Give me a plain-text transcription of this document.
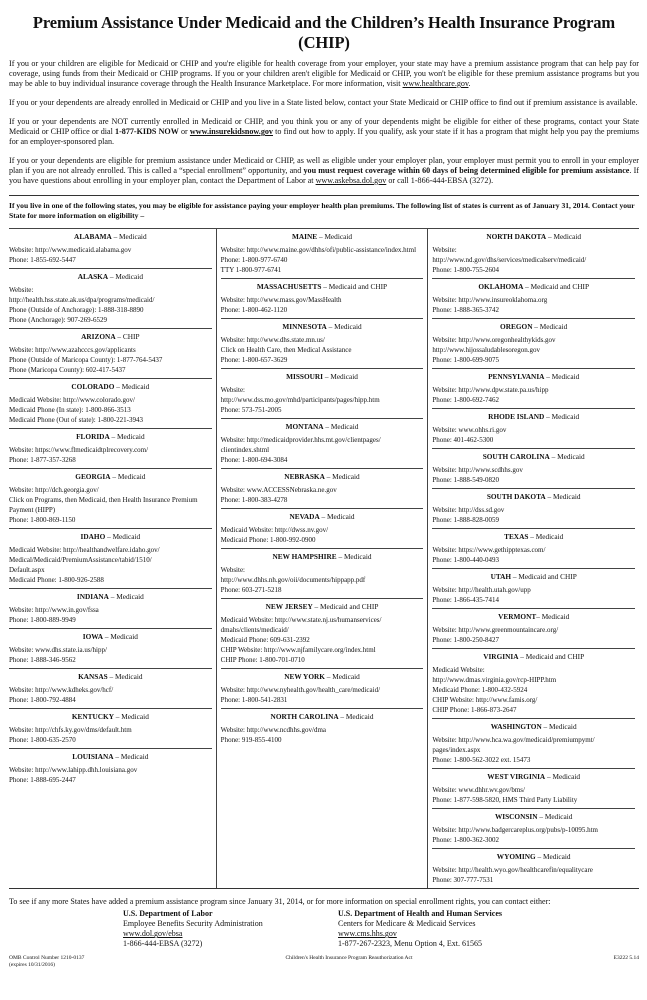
Premium Assistance Under Medicaid and the Children’s Health Insurance Program (CHIP)

If you or your children are eligible for Medicaid or CHIP and you're eligible for health coverage from your employer, your state may have a premium assistance program that can help pay for coverage, using funds from their Medicaid or CHIP programs. If you or your children aren't eligible for Medicaid or CHIP, you won't be eligible for these premium assistance programs but you may be able to buy individual insurance coverage through the Health Insurance Marketplace. For more information, visit www.healthcare.gov.

If you or your dependents are already enrolled in Medicaid or CHIP and you live in a State listed below, contact your State Medicaid or CHIP office to find out if premium assistance is available.

If you or your dependents are NOT currently enrolled in Medicaid or CHIP, and you think you or any of your dependents might be eligible for either of these programs, contact your State Medicaid or CHIP office or dial 1-877-KIDS NOW or www.insurekidsnow.gov to find out how to apply. If you qualify, ask your state if it has a program that might help you pay the premiums for an employer-sponsored plan.

If you or your dependents are eligible for premium assistance under Medicaid or CHIP, as well as eligible under your employer plan, your employer must permit you to enroll in your employer plan if you are not already enrolled. This is called a “special enrollment” opportunity, and you must request coverage within 60 days of being determined eligible for premium assistance. If you have questions about enrolling in your employer plan, contact the Department of Labor at www.askebsa.dol.gov or call 1-866-444-EBSA (3272).

If you live in one of the following states, you may be eligible for assistance paying your employer health plan premiums. The following list of states is current as of January 31, 2014. Contact your State for more information on eligibility –

ALABAMA – Medicaid
Website: http://www.medicaid.alabama.gov
Phone: 1-855-692-5447
ALASKA – Medicaid
Website:
http://health.hss.state.ak.us/dpa/programs/medicaid/
Phone (Outside of Anchorage): 1-888-318-8890
Phone (Anchorage): 907-269-6529
ARIZONA – CHIP
Website: http://www.azahcccs.gov/applicants
Phone (Outside of Maricopa County): 1-877-764-5437
Phone (Maricopa County): 602-417-5437
COLORADO – Medicaid
Medicaid Website: http://www.colorado.gov/
Medicaid Phone (In state): 1-800-866-3513
Medicaid Phone (Out of state): 1-800-221-3943
FLORIDA – Medicaid
Website: https://www.flmedicaidtplrecovery.com/
Phone: 1-877-357-3268
GEORGIA – Medicaid
Website: http://dch.georgia.gov/
Click on Programs, then Medicaid, then Health Insurance Premium Payment (HIPP)
Phone: 1-800-869-1150
IDAHO – Medicaid
Medicaid Website: http://healthandwelfare.idaho.gov/
Medical/Medicaid/PremiumAssistance/tabid/1510/
Default.aspx
Medicaid Phone: 1-800-926-2588
INDIANA – Medicaid
Website: http://www.in.gov/fssa
Phone: 1-800-889-9949
IOWA – Medicaid
Website: www.dhs.state.ia.us/hipp/
Phone: 1-888-346-9562
KANSAS – Medicaid
Website: http://www.kdheks.gov/hcf/
Phone: 1-800-792-4884
KENTUCKY – Medicaid
Website: http://chfs.ky.gov/dms/default.htm
Phone: 1-800-635-2570
LOUISIANA – Medicaid
Website: http://www.lahipp.dhh.louisiana.gov
Phone: 1-888-695-2447
MAINE – Medicaid
Website: http://www.maine.gov/dhhs/ofi/public-assistance/index.html
Phone: 1-800-977-6740
TTY 1-800-977-6741
MASSACHUSETTS – Medicaid and CHIP
Website: http://www.mass.gov/MassHealth
Phone: 1-800-462-1120
MINNESOTA – Medicaid
Website: http://www.dhs.state.mn.us/
Click on Health Care, then Medical Assistance
Phone: 1-800-657-3629
MISSOURI – Medicaid
Website:
http://www.dss.mo.gov/mhd/participants/pages/hipp.htm
Phone: 573-751-2005
MONTANA – Medicaid
Website: http://medicaidprovider.hhs.mt.gov/clientpages/
clientindex.shtml
Phone: 1-800-694-3084
NEBRASKA – Medicaid
Website: www.ACCESSNebraska.ne.gov
Phone: 1-800-383-4278
NEVADA – Medicaid
Medicaid Website: http://dwss.nv.gov/
Medicaid Phone: 1-800-992-0900
NEW HAMPSHIRE – Medicaid
Website:
http://www.dhhs.nh.gov/oii/documents/hippapp.pdf
Phone: 603-271-5218
NEW JERSEY – Medicaid and CHIP
Medicaid Website: http://www.state.nj.us/humanservices/
dmahs/clients/medicaid/
Medicaid Phone: 609-631-2392
CHIP Website: http://www.njfamilycare.org/index.html
CHIP Phone: 1-800-701-0710
NEW YORK – Medicaid
Website: http://www.nyhealth.gov/health_care/medicaid/
Phone: 1-800-541-2831
NORTH CAROLINA – Medicaid
Website: http://www.ncdhhs.gov/dma
Phone: 919-855-4100
NORTH DAKOTA – Medicaid
Website:
http://www.nd.gov/dhs/services/medicalserv/medicaid/
Phone: 1-800-755-2604
OKLAHOMA – Medicaid and CHIP
Website: http://www.insureoklahoma.org
Phone: 1-888-365-3742
OREGON – Medicaid
Website: http://www.oregonhealthykids.gov
http://www.hijossaludablesoregon.gov
Phone: 1-800-699-9075
PENNSYLVANIA – Medicaid
Website: http://www.dpw.state.pa.us/hipp
Phone: 1-800-692-7462
RHODE ISLAND – Medicaid
Website: www.ohhs.ri.gov
Phone: 401-462-5300
SOUTH CAROLINA – Medicaid
Website: http://www.scdhhs.gov
Phone: 1-888-549-0820
SOUTH DAKOTA – Medicaid
Website: http://dss.sd.gov
Phone: 1-888-828-0059
TEXAS – Medicaid
Website: https://www.gethipptexas.com/
Phone: 1-800-440-0493
UTAH – Medicaid and CHIP
Website: http://health.utah.gov/upp
Phone: 1-866-435-7414
VERMONT– Medicaid
Website: http://www.greenmountaincare.org/
Phone: 1-800-250-8427
VIRGINIA – Medicaid and CHIP
Medicaid Website:
http://www.dmas.virginia.gov/rcp-HIPP.htm
Medicaid Phone: 1-800-432-5924
CHIP Website: http://www.famis.org/
CHIP Phone: 1-866-873-2647
WASHINGTON – Medicaid
Website: http://www.hca.wa.gov/medicaid/premiumpymt/
pages/index.aspx
Phone: 1-800-562-3022 ext. 15473
WEST VIRGINIA – Medicaid
Website: www.dhhr.wv.gov/bms/
Phone: 1-877-598-5820, HMS Third Party Liability
WISCONSIN – Medicaid
Website: http://www.badgercareplus.org/pubs/p-10095.htm
Phone: 1-800-362-3002
WYOMING – Medicaid
Website: http://health.wyo.gov/healthcarefin/equalitycare
Phone: 307-777-7531
To see if any more States have added a premium assistance program since January 31, 2014, or for more information on special enrollment rights, you can contact either:
U.S. Department of Labor
Employee Benefits Security Administration
www.dol.gov/ebsa
1-866-444-EBSA (3272)
U.S. Department of Health and Human Services
Centers for Medicare & Medicaid Services
www.cms.hhs.gov
1-877-267-2323, Menu Option 4, Ext. 61565
OMB Control Number 1210-0137
(expires 10/31/2016)
Children's Health Insurance Program Reauthorization Act	E3222 5.14
